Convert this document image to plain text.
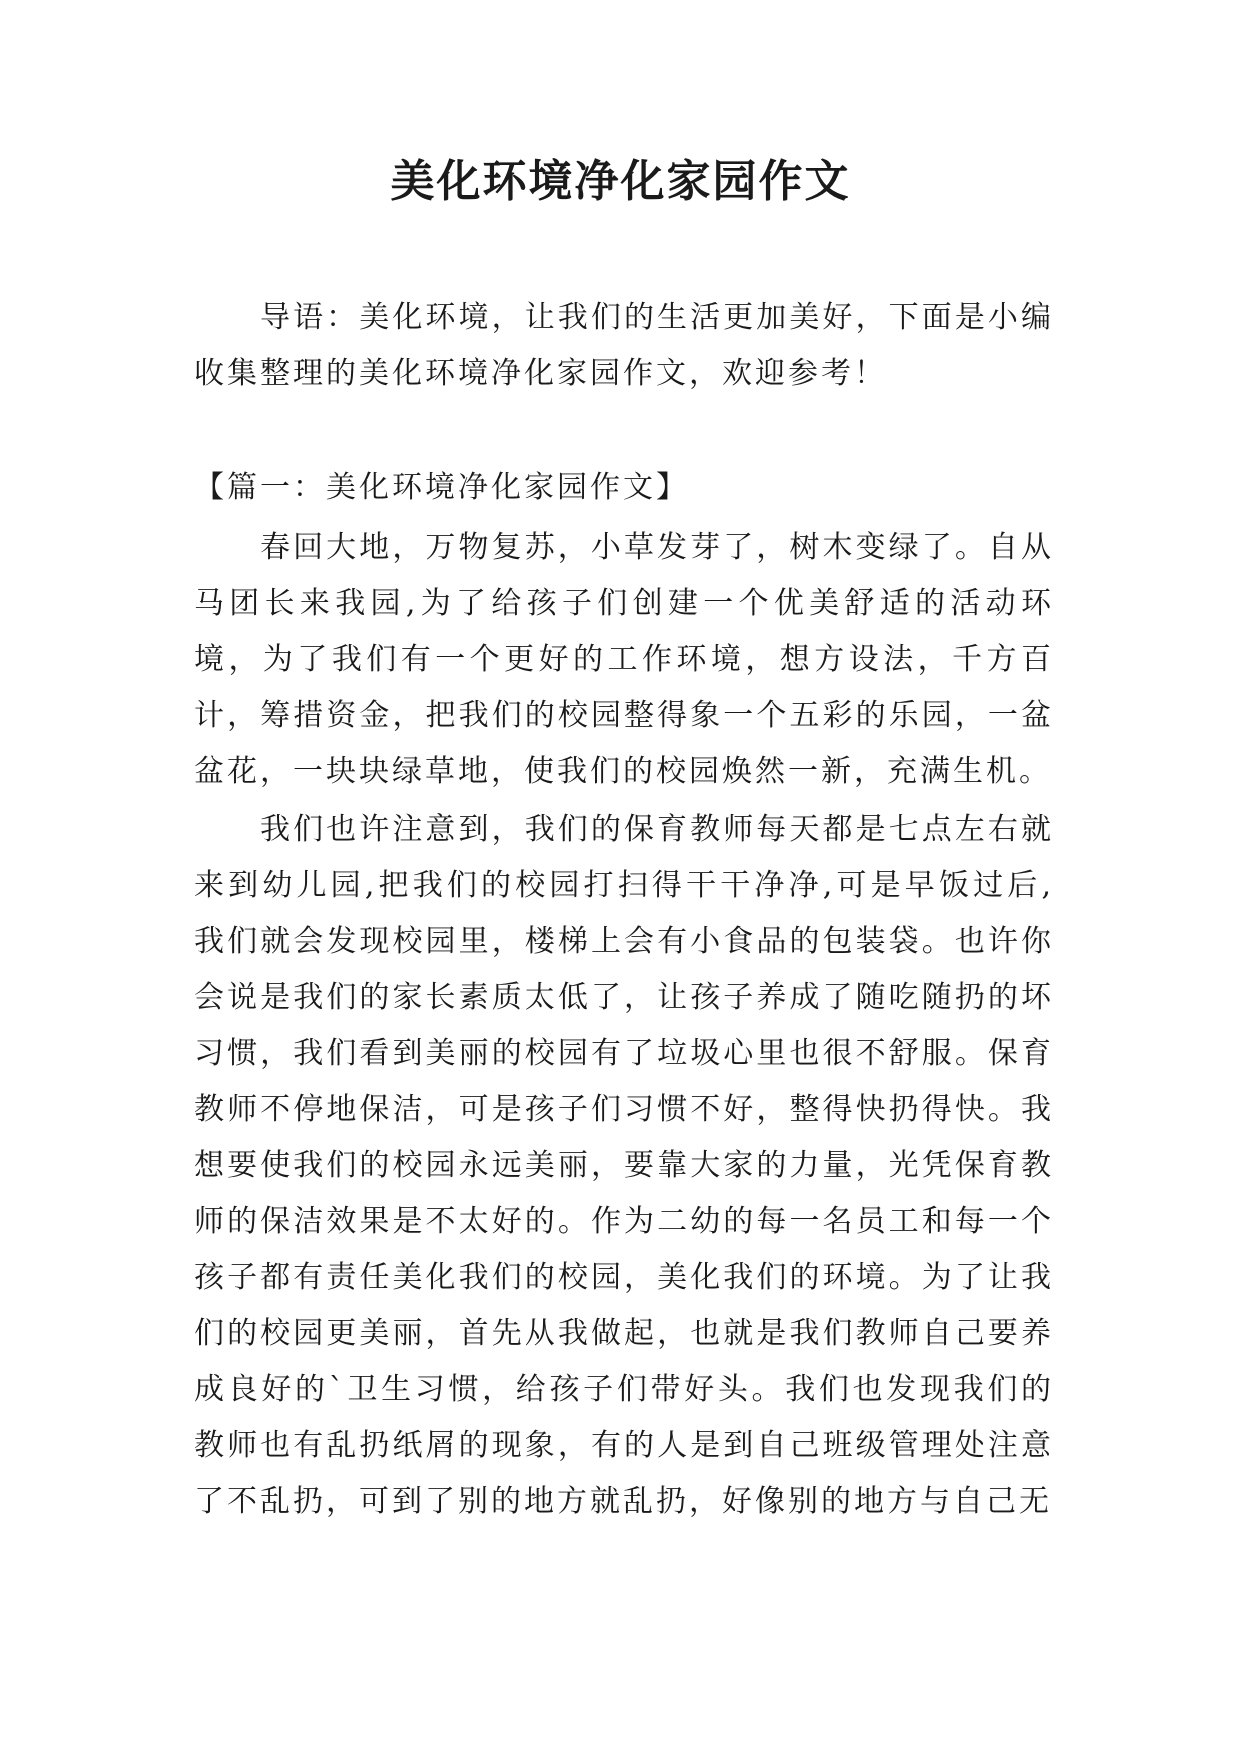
美化环境净化家园作文

导语：美化环境，让我们的生活更加美好，下面是小编收集整理的美化环境净化家园作文，欢迎参考！

【篇一：美化环境净化家园作文】

春回大地，万物复苏，小草发芽了，树木变绿了。自从马团长来我园,为了给孩子们创建一个优美舒适的活动环境，为了我们有一个更好的工作环境，想方设法，千方百计，筹措资金，把我们的校园整得象一个五彩的乐园，一盆盆花，一块块绿草地，使我们的校园焕然一新，充满生机。

我们也许注意到，我们的保育教师每天都是七点左右就来到幼儿园,把我们的校园打扫得干干净净,可是早饭过后,我们就会发现校园里，楼梯上会有小食品的包装袋。也许你会说是我们的家长素质太低了，让孩子养成了随吃随扔的坏习惯，我们看到美丽的校园有了垃圾心里也很不舒服。保育教师不停地保洁，可是孩子们习惯不好，整得快扔得快。我想要使我们的校园永远美丽，要靠大家的力量，光凭保育教师的保洁效果是不太好的。作为二幼的每一名员工和每一个孩子都有责任美化我们的校园，美化我们的环境。为了让我们的校园更美丽，首先从我做起，也就是我们教师自己要养成良好的`卫生习惯，给孩子们带好头。我们也发现我们的教师也有乱扔纸屑的现象，有的人是到自己班级管理处注意了不乱扔，可到了别的地方就乱扔，好像别的地方与自己无
